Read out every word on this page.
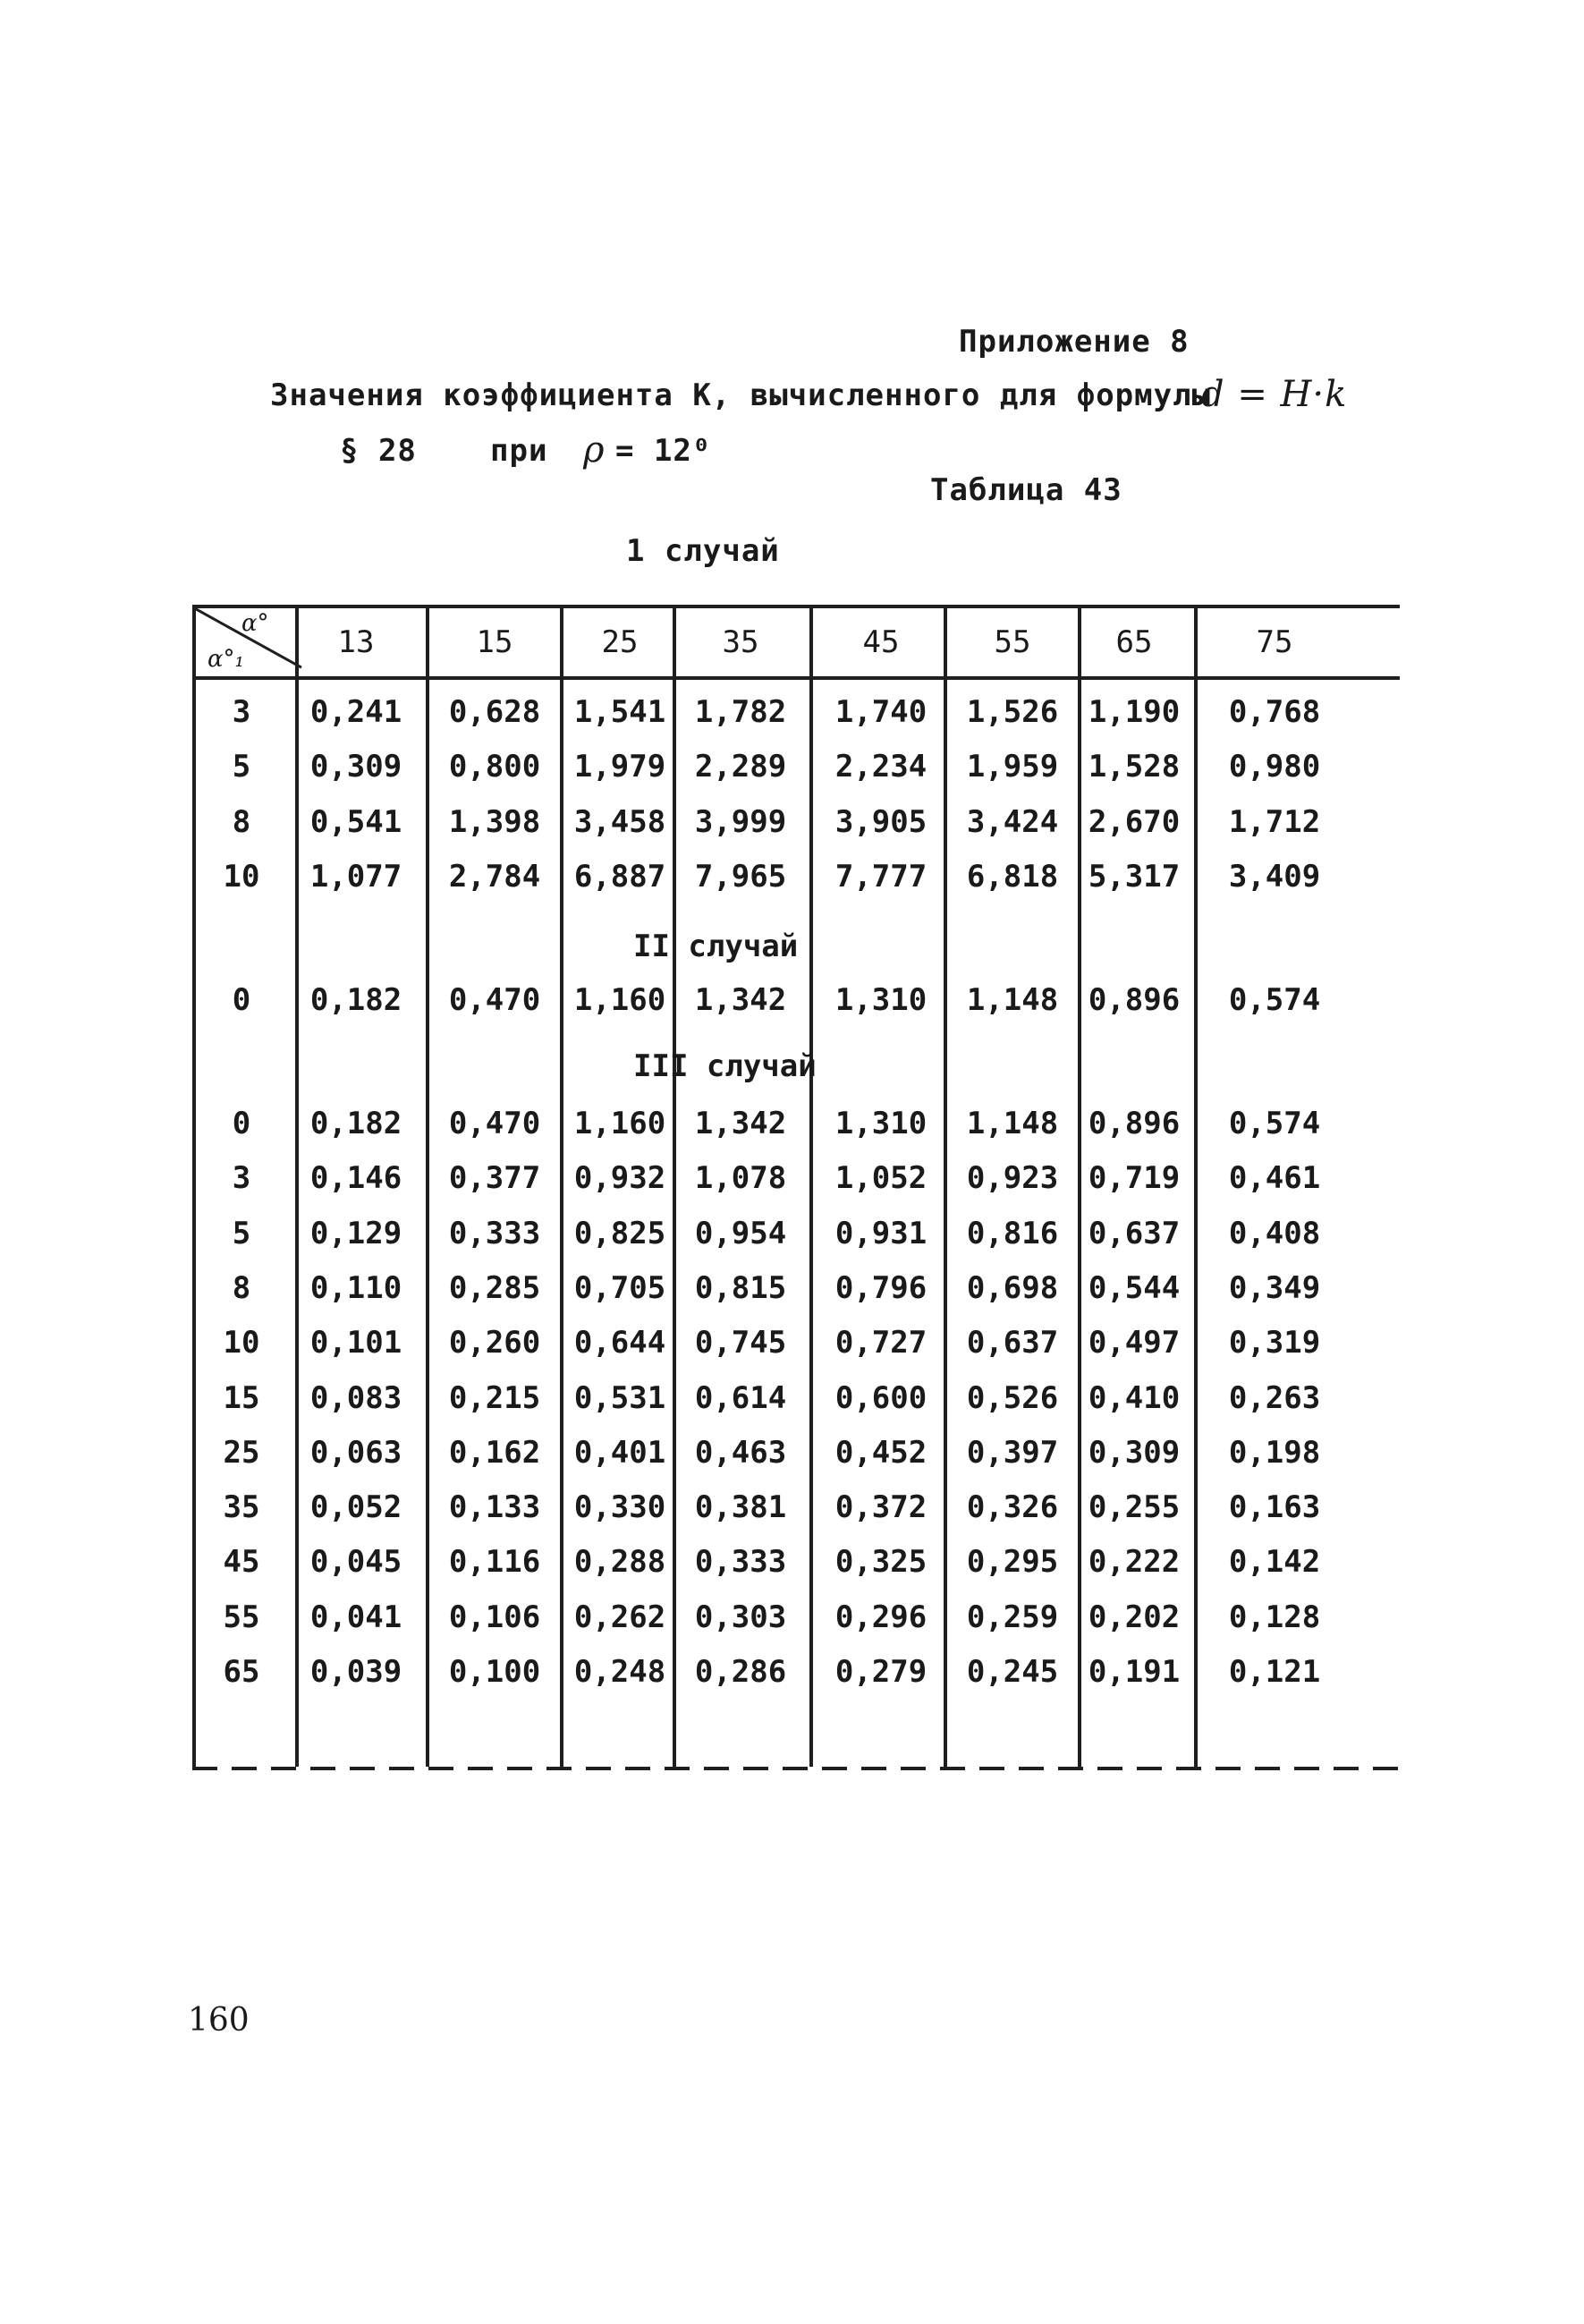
Приложение 8
Значения коэффициента К, вычисленного для формулы
d = H·k
§ 28 при ρ = 12⁰
Таблица 43
1 случай
α°
α°₁	13	15	25	35	45	55	65	75
3 0,241 0,628 1,541 1,782 1,740 1,526 1,190 0,768
5 0,309 0,800 1,979 2,289 2,234 1,959 1,528 0,980
8 0,541 1,398 3,458 3,999 3,905 3,424 2,670 1,712
10 1,077 2,784 6,887 7,965 7,777 6,818 5,317 3,409
II случай
0 0,182 0,470 1,160 1,342 1,310 1,148 0,896 0,574
III случай
0 0,182 0,470 1,160 1,342 1,310 1,148 0,896 0,574
3 0,146 0,377 0,932 1,078 1,052 0,923 0,719 0,461
5 0,129 0,333 0,825 0,954 0,931 0,816 0,637 0,408
8 0,110 0,285 0,705 0,815 0,796 0,698 0,544 0,349
10 0,101 0,260 0,644 0,745 0,727 0,637 0,497 0,319
15 0,083 0,215 0,531 0,614 0,600 0,526 0,410 0,263
25 0,063 0,162 0,401 0,463 0,452 0,397 0,309 0,198
35 0,052 0,133 0,330 0,381 0,372 0,326 0,255 0,163
45 0,045 0,116 0,288 0,333 0,325 0,295 0,222 0,142
55 0,041 0,106 0,262 0,303 0,296 0,259 0,202 0,128
65 0,039 0,100 0,248 0,286 0,279 0,245 0,191 0,121
160
